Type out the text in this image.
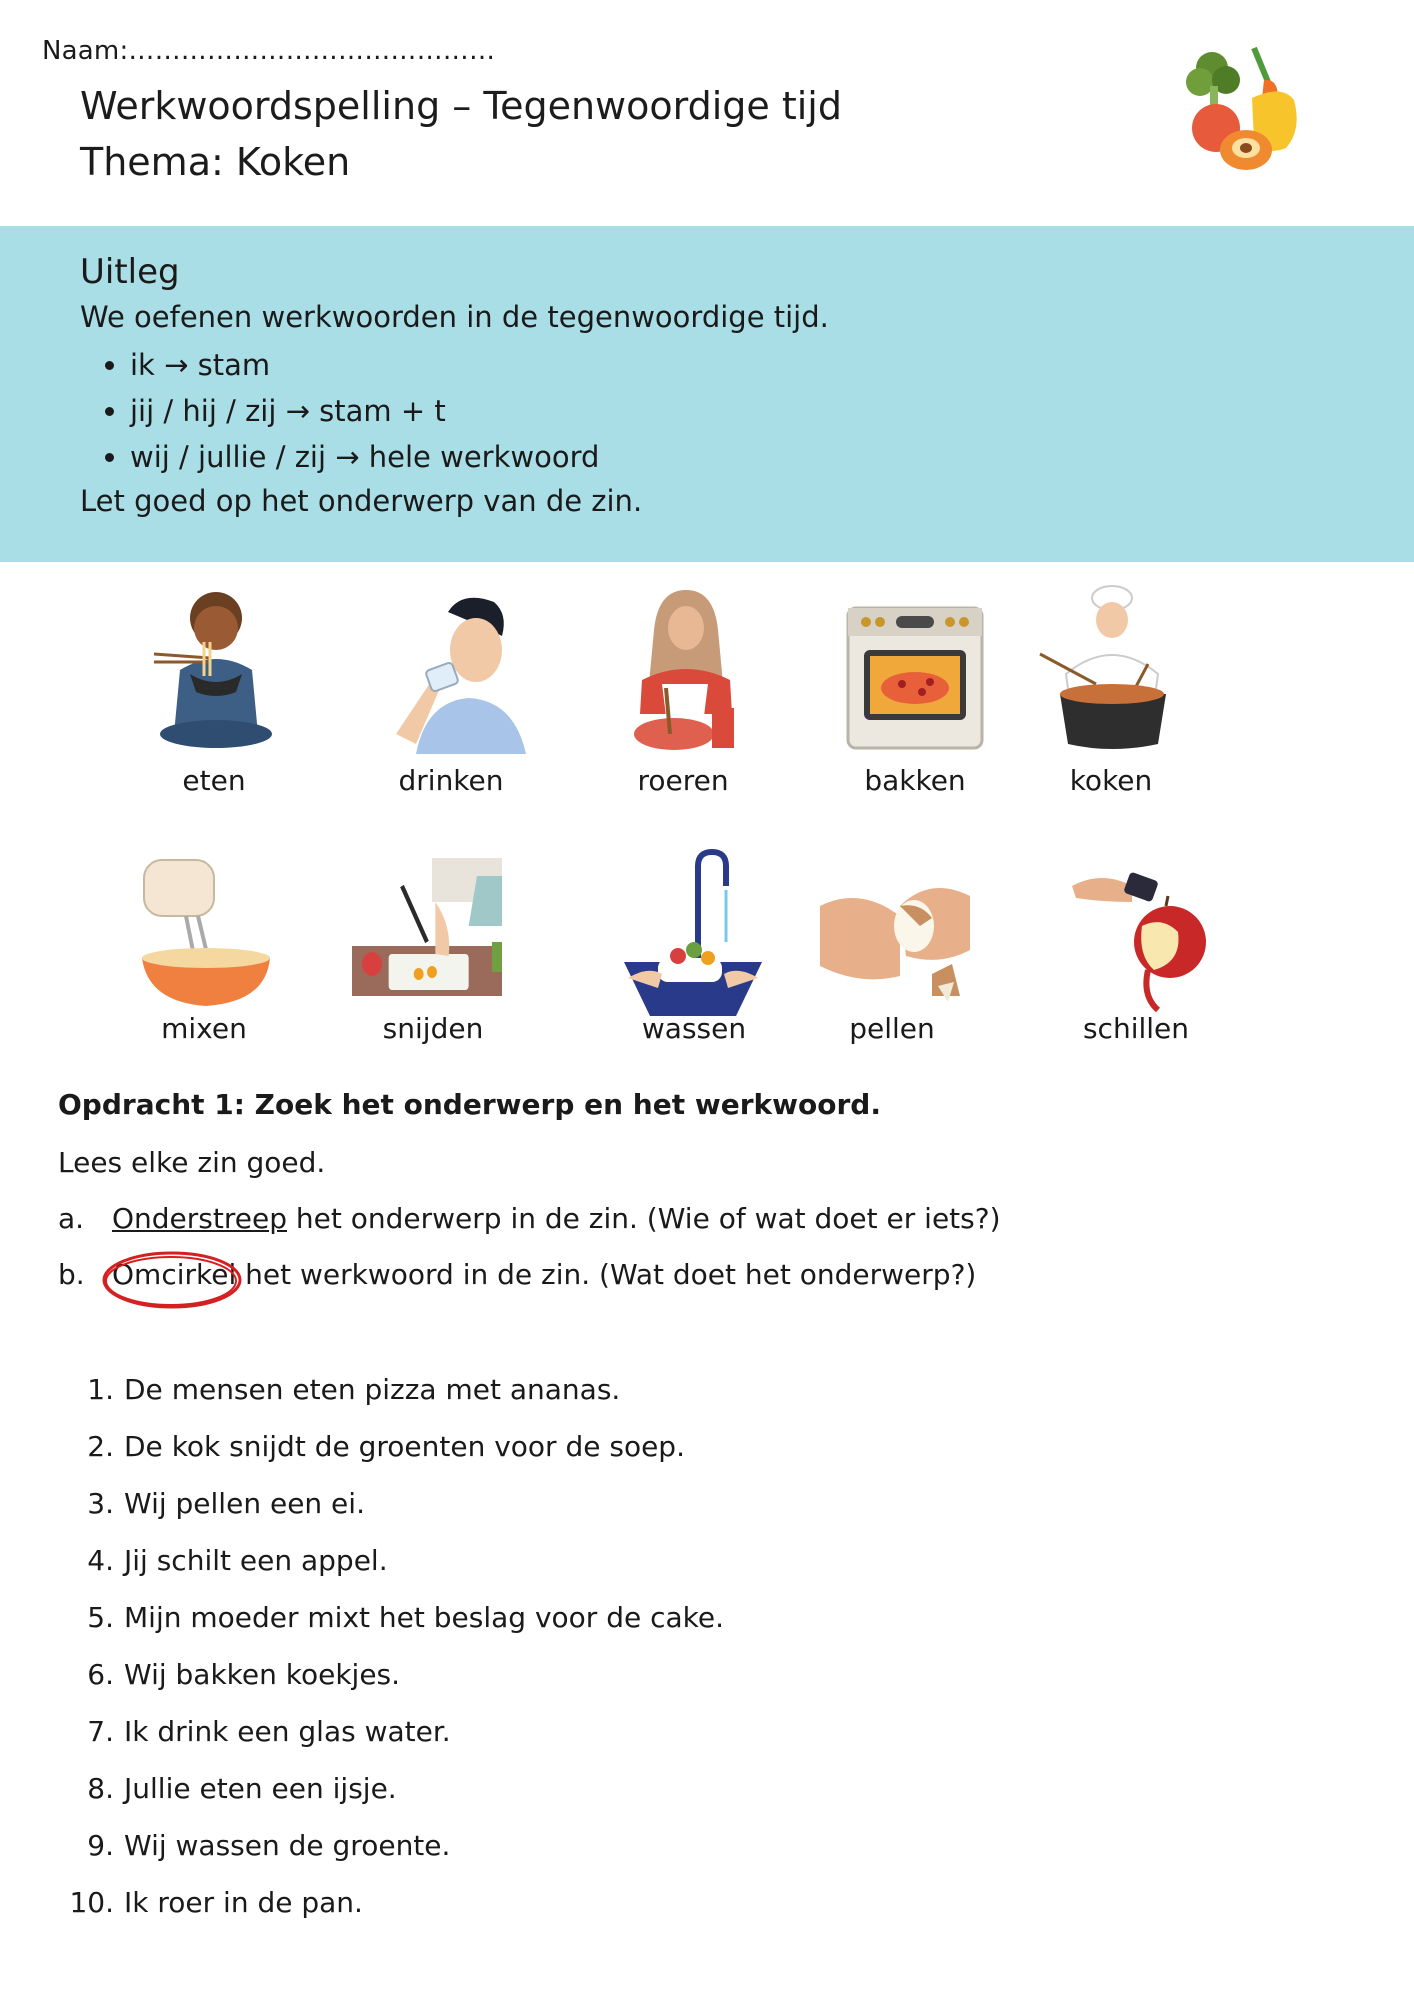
Naam:……………………………………
Werkwoordspelling – Tegenwoordige tijd
Thema: Koken
Uitleg
We oefenen werkwoorden in de tegenwoordige tijd.
• ik → stam
• jij / hij / zij → stam + t
• wij / jullie / zij → hele werkwoord
Let goed op het onderwerp van de zin.
eten	drinken	roeren	bakken	koken
mixen	snijden	wassen	pellen	schillen
Opdracht 1: Zoek het onderwerp en het werkwoord.
Lees elke zin goed.
a. Onderstreep het onderwerp in de zin. (Wie of wat doet er iets?)
b. Omcirkel het werkwoord in de zin. (Wat doet het onderwerp?)
1. De mensen eten pizza met ananas.
2. De kok snijdt de groenten voor de soep.
3. Wij pellen een ei.
4. Jij schilt een appel.
5. Mijn moeder mixt het beslag voor de cake.
6. Wij bakken koekjes.
7. Ik drink een glas water.
8. Jullie eten een ijsje.
9. Wij wassen de groente.
10. Ik roer in de pan.
